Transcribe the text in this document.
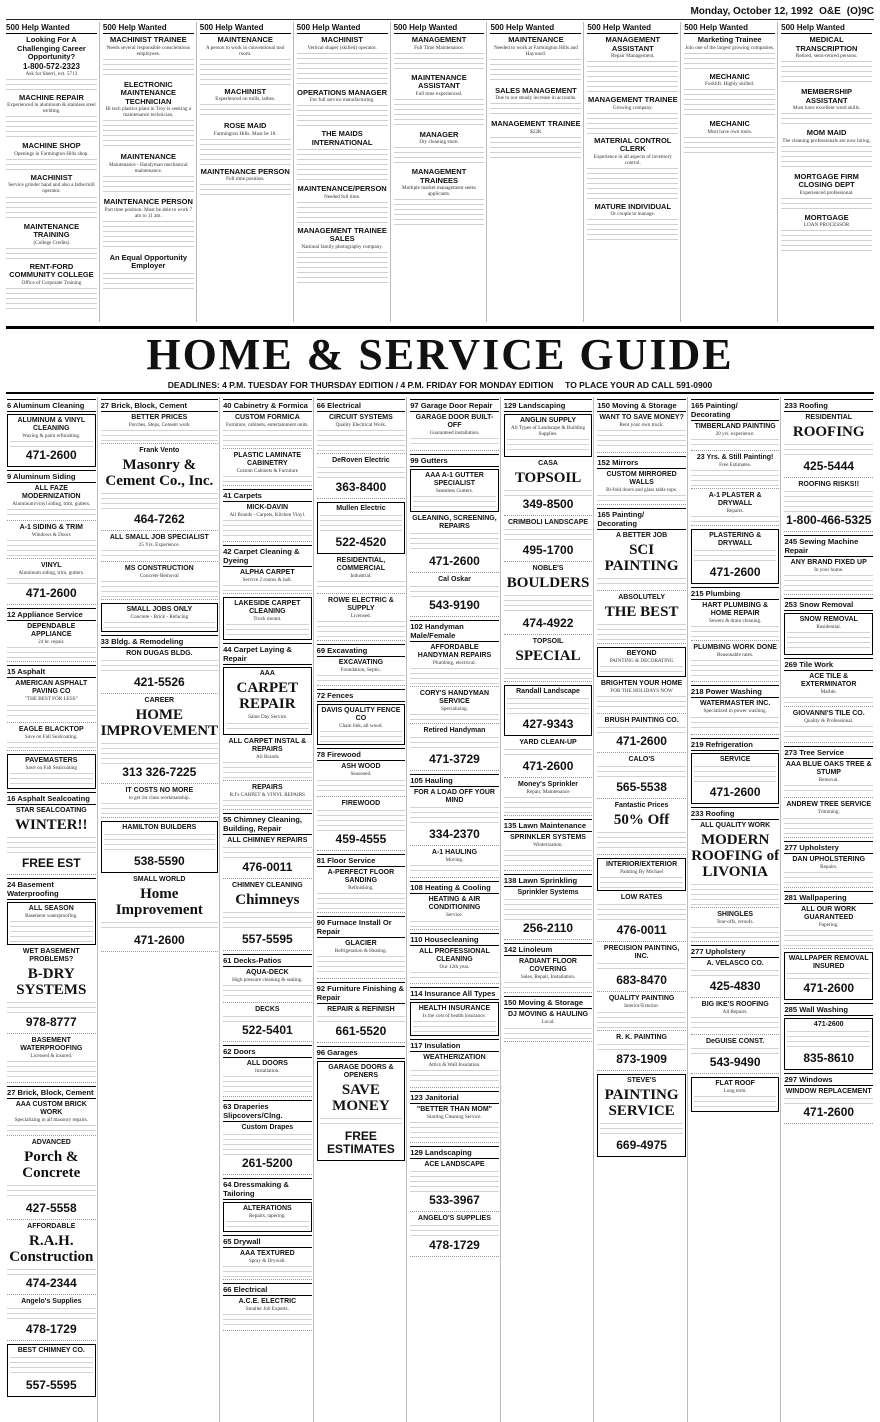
Monday, October 12, 1992 O&E (O)9C
500 Help Wanted
Looking For A Challenging Career Opportunity?
1-800-572-2323
Ask for Sherri, ext. 5713
MACHINE REPAIR
Experienced in aluminum & stainless steel welding.
MACHINE SHOP
Openings in Farmington Hills shop.
MACHINIST
Service grinder hand and also a lathe/mill operator.
MAINTENANCE TRAINING
(College Credits)
RENT-FORD COMMUNITY COLLEGE
Office of Corporate Training
500 Help Wanted
MACHINIST TRAINEE
Needs several responsible conscientious employees.
ELECTRONIC MAINTENANCE TECHNICIAN
Hi tech plastics plant in Troy is seeking a maintenance technician.
MAINTENANCE
Maintenance - Handyman mechanical maintenance.
MAINTENANCE PERSON
Part time position. Must be able to work 7 am to 11 am.
An Equal Opportunity Employer
500 Help Wanted
MAINTENANCE
A person to work in conventional tool room.
MACHINIST
Experienced on mills, lathes.
ROSE MAID
Farmington Hills. Must be 18.
MAINTENANCE PERSON
Full time position.
500 Help Wanted
MACHINIST
Vertical shaper (skilled) operator.
OPERATIONS MANAGER
For full service manufacturing.
THE MAIDS INTERNATIONAL
MAINTENANCE/PERSON
Needed full time.
MANAGEMENT TRAINEE SALES
National family photography company.
500 Help Wanted
MANAGEMENT
Full Time Maintenance.
MAINTENANCE ASSISTANT
Full time experienced.
MANAGER
Dry cleaning store.
MANAGEMENT TRAINEES
Multiple market management seeks applicants.
500 Help Wanted
MAINTENANCE
Needed to work at Farmington Hills and Hayward.
SALES MANAGEMENT
Due to our steady increase in accounts.
MANAGEMENT TRAINEE
$22K
500 Help Wanted
MANAGEMENT ASSISTANT
Repair Management.
MANAGEMENT TRAINEE
Growing company.
MATERIAL CONTROL CLERK
Experience in all aspects of inventory control.
MATURE INDIVIDUAL
Or couple to manage.
500 Help Wanted
Marketing Trainee
Join one of the largest growing companies.
MECHANIC
Forklift. Highly skilled.
MECHANIC
Must have own tools.
500 Help Wanted
MEDICAL TRANSCRIPTION
Retired, semi-retired persons.
MEMBERSHIP ASSISTANT
Must have excellent word skills.
MOM MAID
The cleaning professionals are now hiring.
MORTGAGE FIRM CLOSING DEPT
Experienced professional.
MORTGAGE
LOAN PROCESSOR
HOME & SERVICE GUIDE
DEADLINES: 4 P.M. TUESDAY FOR THURSDAY EDITION / 4 P.M. FRIDAY FOR MONDAY EDITION TO PLACE YOUR AD CALL 591-0900
6 Aluminum Cleaning
ALUMINUM & VINYL CLEANING
Waxing & paint refinishing.
471-2600
9 Aluminum Siding
ALL FAZE MODERNIZATION
Aluminum/vinyl siding, trim, gutters.
A-1 SIDING & TRIM
Windows & Doors
VINYL
Aluminum siding, trim, gutters.
471-2600
12 Appliance Service
DEPENDABLE APPLIANCE
24 hr. repair.
15 Asphalt
AMERICAN ASPHALT PAVING CO
"THE BEST FOR LESS"
EAGLE BLACKTOP
Save on Fall Sealcoating.
PAVEMASTERS
Save on Fall Sealcoating
16 Asphalt Sealcoating
STAR SEALCOATING
WINTER!!
FREE EST
24 Basement Waterproofing
ALL SEASON
Basement waterproofing.
WET BASEMENT PROBLEMS?
B-DRY SYSTEMS
978-8777
BASEMENT WATERPROOFING
Licensed & insured.
27 Brick, Block, Cement
AAA CUSTOM BRICK WORK
Specializing in all masonry repairs.
ADVANCED
Porch & Concrete
427-5558
AFFORDABLE
R.A.H. Construction
474-2344
Angelo's Supplies
478-1729
BEST CHIMNEY CO.
557-5595
27 Brick, Block, Cement
BETTER PRICES
Porches, Steps, Cement work
Frank Vento
Masonry & Cement Co., Inc.
464-7262
ALL SMALL JOB SPECIALIST
25 Yrs. Experience.
MS CONSTRUCTION
Concrete Removal
SMALL JOBS ONLY
Concrete - Brick - Refacing
33 Bldg. & Remodeling
RON DUGAS BLDG.
421-5526
CAREER
HOME IMPROVEMENT
313 326-7225
IT COSTS NO MORE
to get 1st class workmanship.
HAMILTON BUILDERS
538-5590
SMALL WORLD
Home Improvement
471-2600
40 Cabinetry & Formica
CUSTOM FORMICA
Furniture, cabinets, entertainment units.
PLASTIC LAMINATE CABINETRY
Custom Cabinets & Furniture
41 Carpets
MICK-DAVIN
All Brands - Carpets, Kitchen Vinyl.
42 Carpet Cleaning & Dyeing
ALPHA CARPET
Service 2 rooms & hall.
LAKESIDE CARPET CLEANING
Truck mount.
44 Carpet Laying & Repair
AAA
CARPET REPAIR
Same Day Service
ALL CARPET INSTAL & REPAIRS
All Brands
REPAIRS
R.J's CARPET & VINYL REPAIRS
55 Chimney Cleaning, Building, Repair
ALL CHIMNEY REPAIRS
476-0011
CHIMNEY CLEANING
Chimneys
557-5595
61 Decks-Patios
AQUA-DECK
High pressure cleaning & sealing.
DECKS
522-5401
62 Doors
ALL DOORS
Installation.
63 Draperies Slipcovers/Clng.
Custom Drapes
261-5200
64 Dressmaking & Tailoring
ALTERATIONS
Repairs, tapering.
65 Drywall
AAA TEXTURED
Spray & Drywall.
66 Electrical
A.C.E. ELECTRIC
Smaller Job Experts.
66 Electrical
CIRCUIT SYSTEMS
Quality Electrical Work.
DeRoven Electric
363-8400
Mullen Electric
522-4520
RESIDENTIAL, COMMERCIAL
Industrial.
ROWE ELECTRIC & SUPPLY
Licensed.
69 Excavating
EXCAVATING
Foundation, Septic.
72 Fences
DAVIS QUALITY FENCE CO
Chain link, all wood.
78 Firewood
ASH WOOD
Seasoned.
FIREWOOD
459-4555
81 Floor Service
A-PERFECT FLOOR SANDING
Refinishing.
90 Furnace Install Or Repair
GLACIER
Refrigeration & Heating.
92 Furniture Finishing & Repair
REPAIR & REFINISH
661-5520
96 Garages
GARAGE DOORS & OPENERS
SAVE MONEY
FREE ESTIMATES
97 Garage Door Repair
GARAGE DOOR BUILT-OFF
Guaranteed installation.
99 Gutters
AAA A-1 GUTTER SPECIALIST
Seamless Gutters.
GLEANING, SCREENING, REPAIRS
471-2600
Cal Oskar
543-9190
102 Handyman Male/Female
AFFORDABLE HANDYMAN REPAIRS
Plumbing, electrical.
CORY'S HANDYMAN SERVICE
Specializing.
Retired Handyman
471-3729
105 Hauling
FOR A LOAD OFF YOUR MIND
334-2370
A-1 HAULING
Moving.
108 Heating & Cooling
HEATING & AIR CONDITIONING
Service.
110 Housecleaning
ALL PROFESSIONAL CLEANING
Our 12th year.
114 Insurance All Types
HEALTH INSURANCE
Is the cost of health insurance.
117 Insulation
WEATHERIZATION
Attics & Wall Insulation.
123 Janitorial
"BETTER THAN MOM"
Starting Cleaning Service.
129 Landscaping
ACE LANDSCAPE
533-3967
ANGELO'S SUPPLIES
478-1729
129 Landscaping
ANGLIN SUPPLY
All Types of Landscape & Building Supplies.
CASA
TOPSOIL
349-8500
CRIMBOLI LANDSCAPE
495-1700
NOBLE'S
BOULDERS
474-4922
TOPSOIL
SPECIAL
Randall Landscape
427-9343
YARD CLEAN-UP
471-2600
Money's Sprinkler
Repair, Maintenance
135 Lawn Maintenance
SPRINKLER SYSTEMS
Winterization.
138 Lawn Sprinkling
Sprinkler Systems
256-2110
142 Linoleum
RADIANT FLOOR COVERING
Sales, Repair, Installation.
150 Moving & Storage
DJ MOVING & HAULING
Local.
150 Moving & Storage
WANT TO SAVE MONEY?
Rent your own truck.
152 Mirrors
CUSTOM MIRRORED WALLS
Bi-fold doors and glass table tops.
165 Painting/ Decorating
A BETTER JOB
SCI PAINTING
ABSOLUTELY
THE BEST
BEYOND
PAINTING & DECORATING
BRIGHTEN YOUR HOME
FOR THE HOLIDAYS NOW
BRUSH PAINTING CO.
471-2600
CALO'S
565-5538
Fantastic Prices
50% Off
INTERIOR/EXTERIOR
Painting By Michael
LOW RATES
476-0011
PRECISION PAINTING, INC.
683-8470
QUALITY PAINTING
Interior/Exterior.
R. K. PAINTING
873-1909
STEVE'S
PAINTING SERVICE
669-4975
165 Painting/ Decorating
TIMBERLAND PAINTING
20 yrs. experience.
23 Yrs. & Still Painting!
Free Estimates.
A-1 PLASTER & DRYWALL
Repairs.
PLASTERING & DRYWALL
471-2600
215 Plumbing
HART PLUMBING & HOME REPAIR
Sewers & drain cleaning.
PLUMBING WORK DONE
Reasonable rates.
218 Power Washing
WATERMASTER INC.
Specialized in power washing.
219 Refrigeration
SERVICE
471-2600
233 Roofing
ALL QUALITY WORK
MODERN ROOFING of LIVONIA
SHINGLES
Tear-offs, reroofs.
277 Upholstery
A. VELASCO CO.
425-4830
BIG IKE'S ROOFING
All Repairs.
DeGUISE CONST.
543-9490
FLAT ROOF
Long term.
233 Roofing
RESIDENTIAL
ROOFING
425-5444
ROOFING RISKS!!
1-800-466-5325
245 Sewing Machine Repair
ANY BRAND FIXED UP
In your home.
253 Snow Removal
SNOW REMOVAL
Residential.
269 Tile Work
ACE TILE & EXTERMINATOR
Marble.
GIOVANNI'S TILE CO.
Quality & Professional.
273 Tree Service
AAA BLUE OAKS TREE & STUMP
Removal.
ANDREW TREE SERVICE
Trimming.
277 Upholstery
DAN UPHOLSTERING
Repairs.
281 Wallpapering
ALL OUR WORK GUARANTEED
Papering.
WALLPAPER REMOVAL INSURED
471-2600
285 Wall Washing
471-2600
835-8610
297 Windows
WINDOW REPLACEMENT
471-2600
